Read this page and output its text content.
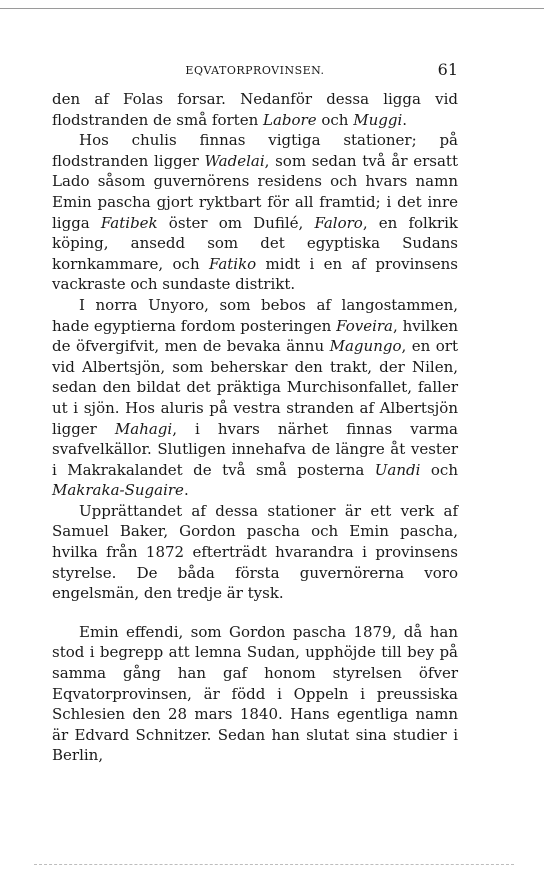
EQVATORPROVINSEN.	61

den af Folas forsar. Nedanför dessa ligga vid flodstranden de små forten Labore och Muggi.

Hos chulis finnas vigtiga stationer; på flodstranden ligger Wadelai, som sedan två år ersatt Lado såsom guvernörens residens och hvars namn Emin pascha gjort ryktbart för all framtid; i det inre ligga Fatibek öster om Dufilé, Faloro, en folkrik köping, ansedd som det egyptiska Sudans kornkammare, och Fatiko midt i en af provinsens vackraste och sundaste distrikt.

I norra Unyoro, som bebos af langostammen, hade egyptierna fordom posteringen Foveira, hvilken de öfvergifvit, men de bevaka ännu Magungo, en ort vid Albertsjön, som beherskar den trakt, der Nilen, sedan den bildat det präktiga Murchisonfallet, faller ut i sjön. Hos aluris på vestra stranden af Albertsjön ligger Mahagi, i hvars närhet finnas varma svafvelkällor. Slutligen innehafva de längre åt vester i Makrakalandet de två små posterna Uandi och Makraka-Sugaire.

Upprättandet af dessa stationer är ett verk af Samuel Baker, Gordon pascha och Emin pascha, hvilka från 1872 efterträdt hvarandra i provinsens styrelse. De båda första guvernörerna voro engelsmän, den tredje är tysk.

Emin effendi, som Gordon pascha 1879, då han stod i begrepp att lemna Sudan, upphöjde till bey på samma gång han gaf honom styrelsen öfver Eqvatorprovinsen, är född i Oppeln i preussiska Schlesien den 28 mars 1840. Hans egentliga namn är Edvard Schnitzer. Sedan han slutat sina studier i Berlin,
